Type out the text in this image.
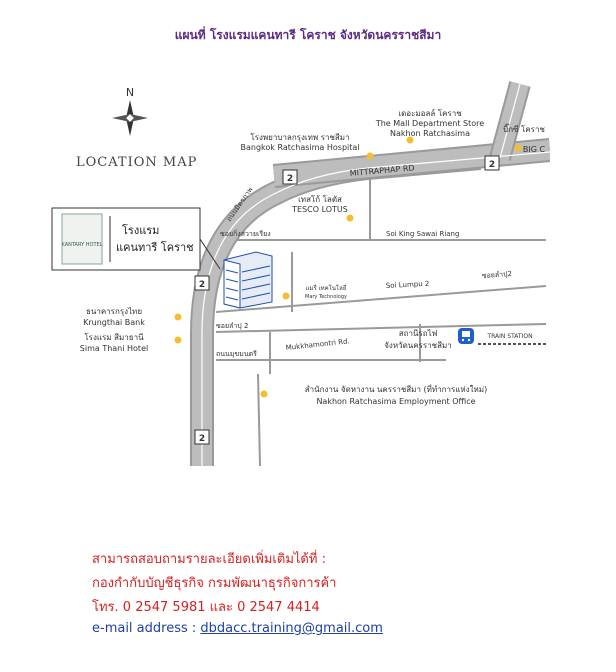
แผนที่ โรงแรมแคนทารี โคราช จังหวัดนครราชสีมา
2
2
2
2
N
LOCATION MAP
KANTARY HOTEL
โรงแรม
แคนทารี โคราช
MITTRAPHAP RD
ถนนมิตรภาพ
ซอยกิ่งสวายเรียง	Soi King Sawai Riang
Soi Lumpu 2
ซอยลำปุ2
ซอยลำปุ 2
ถนนมุขมนตรี
Mukkhamontri Rd.
เดอะมอลล์ โคราช
The Mall Department Store
Nakhon Ratchasima
โรงพยาบาลกรุงเทพ ราชสีมา
Bangkok Ratchasima Hospital
บิ๊กซี โคราช
BIG C
เทสโก้ โลตัส
TESCO LOTUS
แมรี่ เทคโนโลยี่
Mary Technology
ธนาคารกรุงไทย
Krungthai Bank
โรงแรม สีมาธานี
Sima Thani Hotel
สถานีรถไฟ
จังหวัดนครราชสีมา
TRAIN STATION
สำนักงาน จัดหางาน นครราชสีมา (ที่ทำการแห่งใหม่)
Nakhon Ratchasima Employment Office
สามารถสอบถามรายละเอียดเพิ่มเติมได้ที่ :
กองกำกับบัญชีธุรกิจ กรมพัฒนาธุรกิจการค้า
โทร. 0 2547 5981 และ 0 2547 4414
e-mail address : dbdacc.training@gmail.com
